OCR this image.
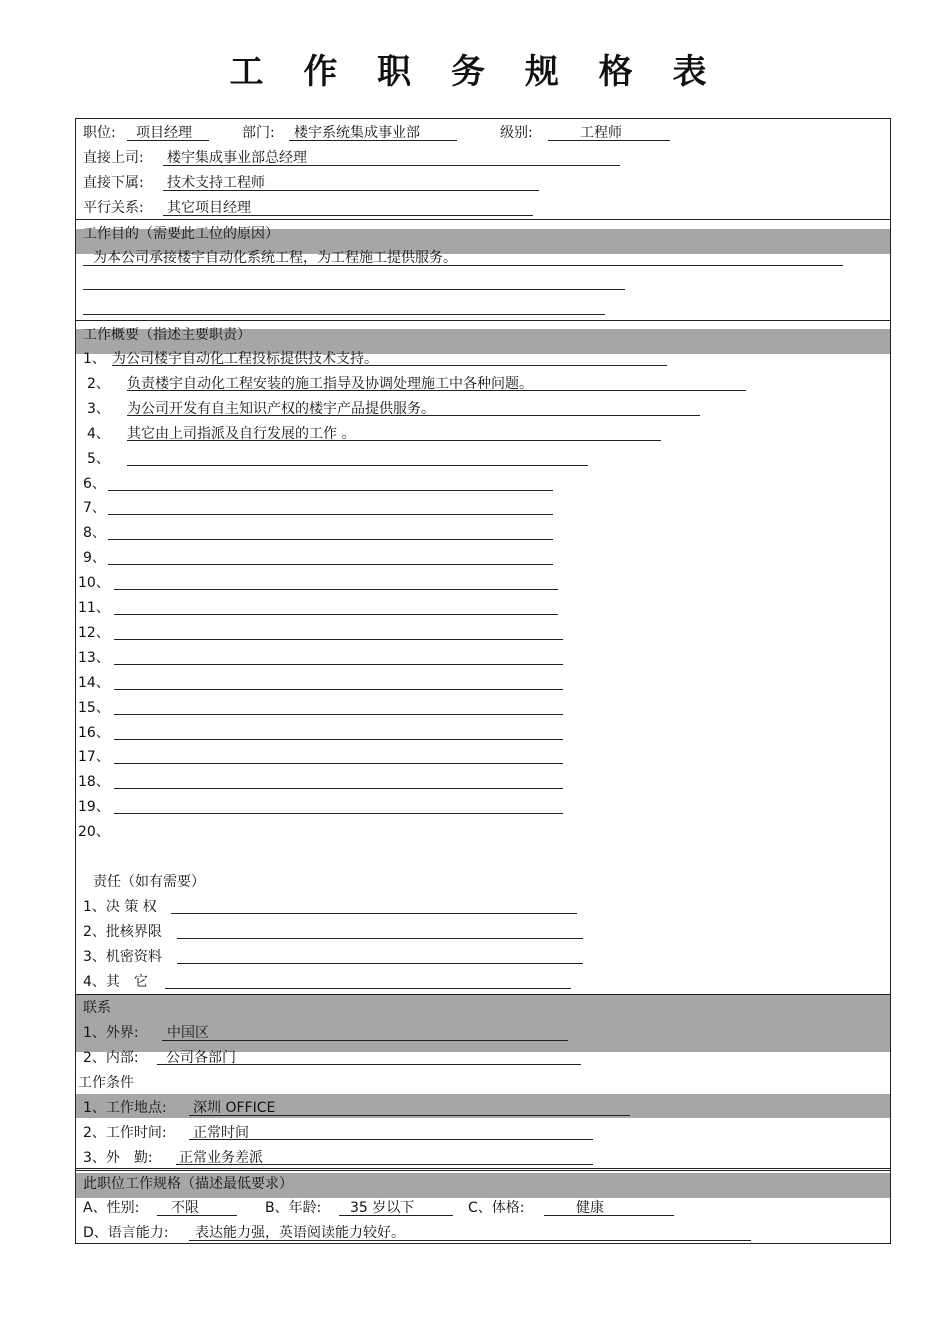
工 作 职 务 规 格 表
职位: 项目经理	部门: 楼宇系统集成事业部	级别:	工程师
直接上司: 楼宇集成事业部总经理
直接下属: 技术支持工程师
平行关系: 其它项目经理
工作目的（需要此工位的原因）
为本公司承接楼宇自动化系统工程，为工程施工提供服务。
工作概要（指述主要职责）
1、 为公司楼宇自动化工程投标提供技术支持。
2、 负责楼宇自动化工程安装的施工指导及协调处理施工中各种问题。
3、 为公司开发有自主知识产权的楼宇产品提供服务。
4、 其它由上司指派及自行发展的工作 。
5、
6、
7、
8、
9、
10、
11、
12、
13、
14、
15、
16、
17、
18、
19、
20、
责任（如有需要）
1、决 策 权
2、批核界限
3、机密资料
4、其　它
联系
1、外界: 中国区
2、内部: 公司各部门
工作条件
1、工作地点: 深圳 OFFICE
2、工作时间: 正常时间
3、外　勤: 正常业务差派
此职位工作规格（描述最低要求）
A、性别: 不限	B、年龄: 35 岁以下	C、体格:	健康
D、语言能力: 表达能力强，英语阅读能力较好。
